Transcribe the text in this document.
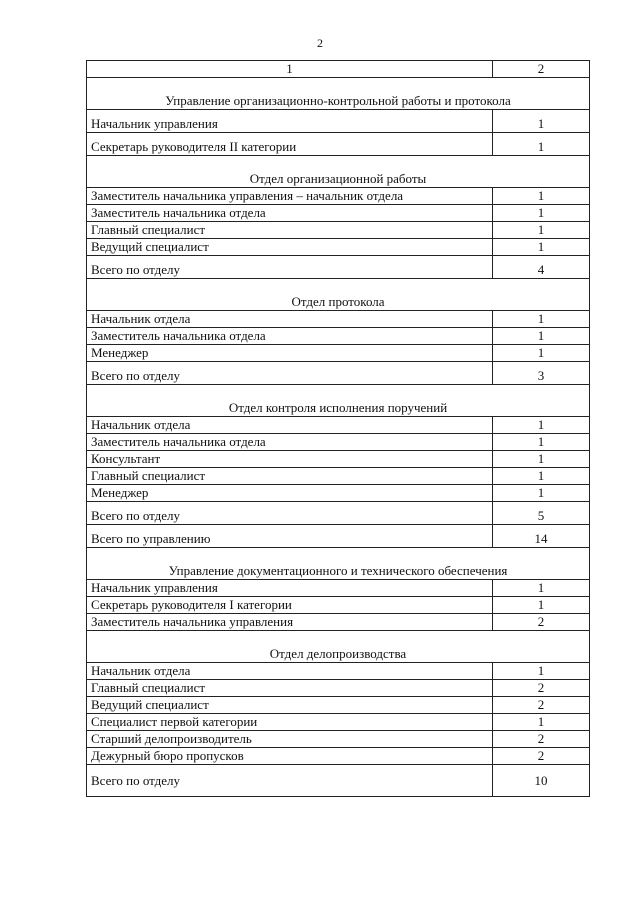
2
1	2
Управление организационно-контрольной работы и протокола	
Начальник управления	1
Секретарь руководителя II категории	1
Отдел организационной работы	
Заместитель начальника управления – начальник отдела	1
Заместитель начальника отдела	1
Главный специалист	1
Ведущий специалист	1
Всего по отделу	4
Отдел протокола	
Начальник отдела	1
Заместитель начальника отдела	1
Менеджер	1
Всего по отделу	3
Отдел контроля исполнения поручений	
Начальник отдела	1
Заместитель начальника отдела	1
Консультант	1
Главный специалист	1
Менеджер	1
Всего по отделу	5
Всего по управлению	14
Управление документационного и технического обеспечения	
Начальник управления	1
Секретарь руководителя I категории	1
Заместитель начальника управления	2
Отдел делопроизводства	
Начальник отдела	1
Главный специалист	2
Ведущий специалист	2
Специалист первой категории	1
Старший делопроизводитель	2
Дежурный бюро пропусков	2
Всего по отделу	10
